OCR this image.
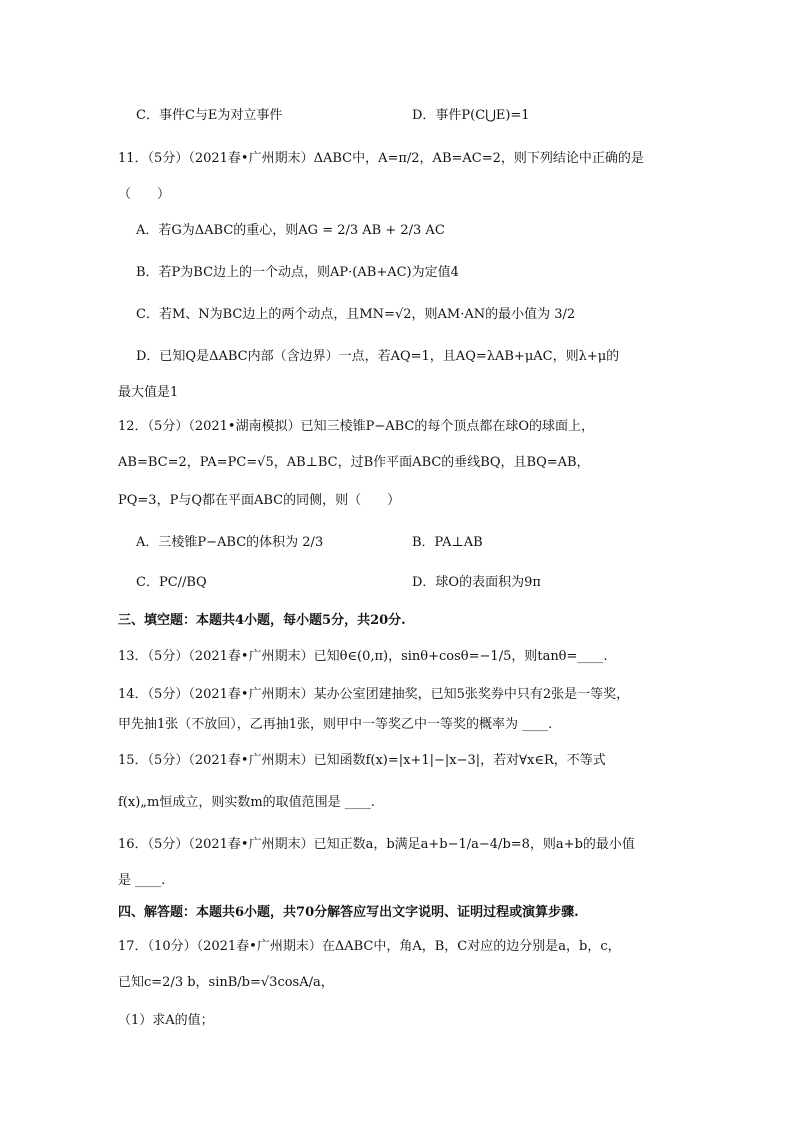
C．事件C与E为对立事件	D．事件P(C⋃E)=1
11．（5分）（2021春•广州期末）ΔABC中，A=π/2，AB=AC=2，则下列结论中正确的是
（　　）
A．若G为ΔABC的重心，则AG = 2/3 AB + 2/3 AC
B．若P为BC边上的一个动点，则AP·(AB+AC)为定值4
C．若M、N为BC边上的两个动点，且MN=√2，则AM·AN的最小值为 3/2
D．已知Q是ΔABC内部（含边界）一点，若AQ=1，且AQ=λAB+μAC，则λ+μ的
最大值是1
12．（5分）（2021•湖南模拟）已知三棱锥P−ABC的每个顶点都在球O的球面上，
AB=BC=2，PA=PC=√5，AB⊥BC，过B作平面ABC的垂线BQ，且BQ=AB，
PQ=3，P与Q都在平面ABC的同侧，则（　　）
A．三棱锥P−ABC的体积为 2/3	B．PA⊥AB
C．PC//BQ	D．球O的表面积为9π
三、填空题：本题共4小题，每小题5分，共20分.
13．（5分）（2021春•广州期末）已知θ∈(0,π)，sinθ+cosθ=−1/5，则tanθ=____.
14．（5分）（2021春•广州期末）某办公室团建抽奖，已知5张奖券中只有2张是一等奖，
甲先抽1张（不放回），乙再抽1张，则甲中一等奖乙中一等奖的概率为 ____.
15．（5分）（2021春•广州期末）已知函数f(x)=|x+1|−|x−3|，若对∀x∈R，不等式
f(x)„m恒成立，则实数m的取值范围是 ____.
16．（5分）（2021春•广州期末）已知正数a，b满足a+b−1/a−4/b=8，则a+b的最小值
是 ____.
四、解答题：本题共6小题，共70分解答应写出文字说明、证明过程或演算步骤.
17．（10分）（2021春•广州期末）在ΔABC中，角A，B，C对应的边分别是a，b，c，
已知c=2/3 b，sinB/b=√3cosA/a，
（1）求A的值；
